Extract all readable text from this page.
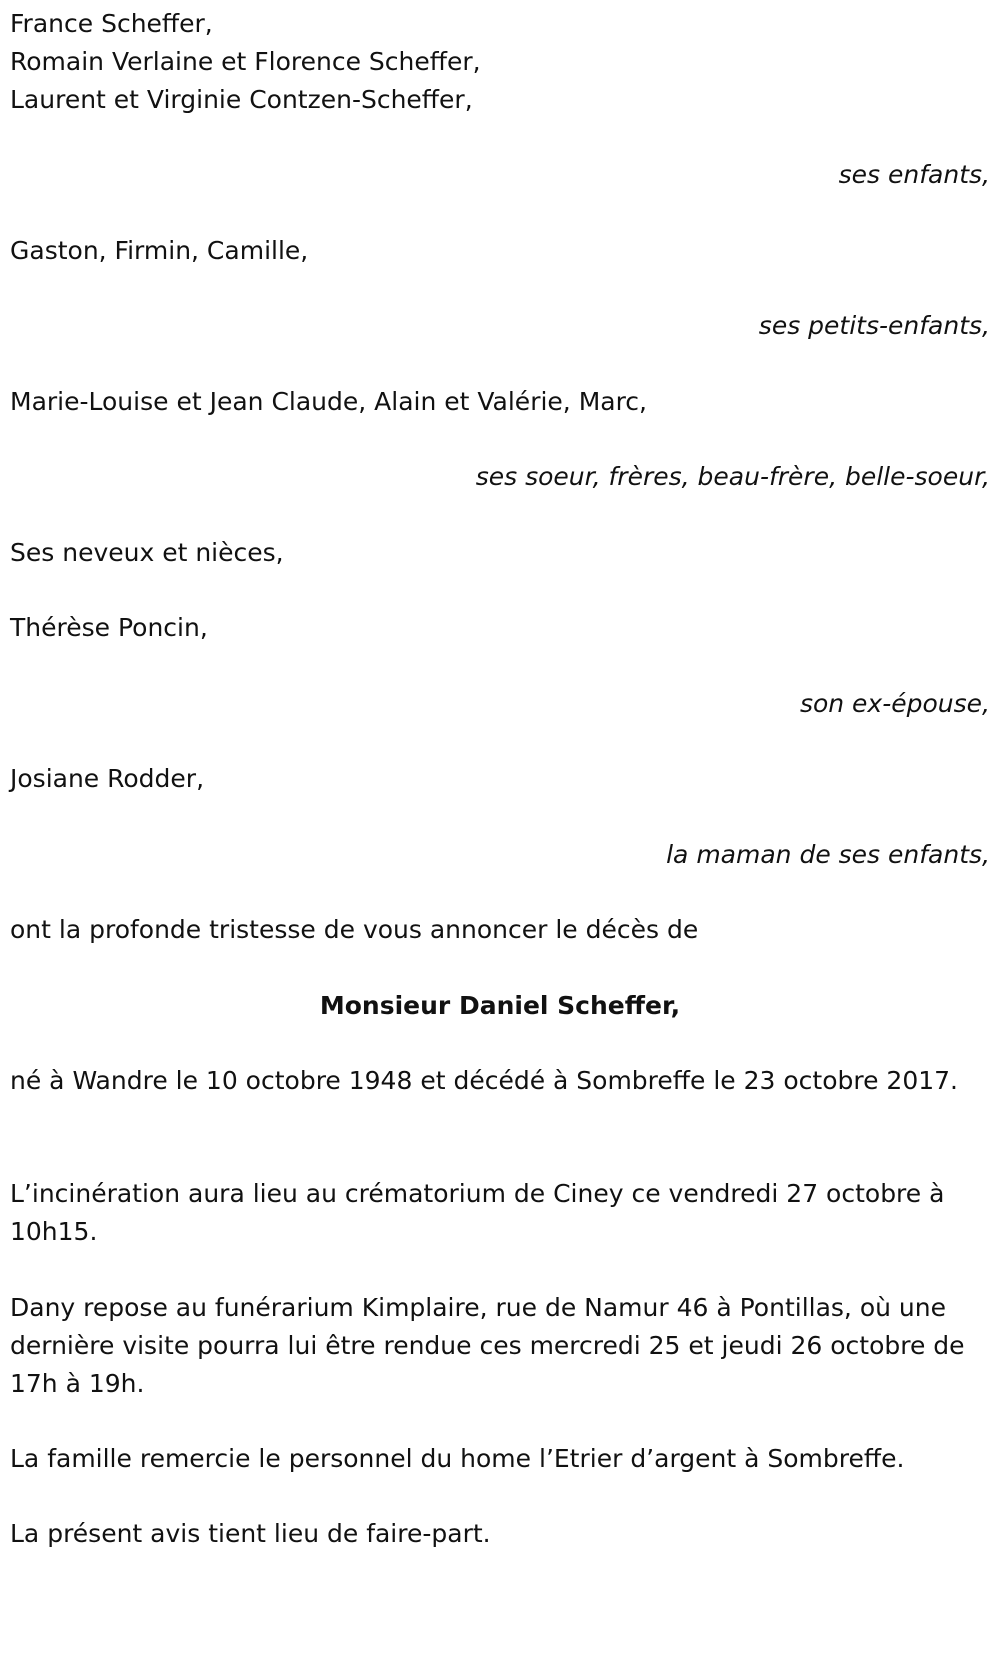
France Scheffer,
Romain Verlaine et Florence Scheffer,
Laurent et Virginie Contzen-Scheffer,
ses enfants,
Gaston, Firmin, Camille,
ses petits-enfants,
Marie-Louise et Jean Claude, Alain et Valérie, Marc,
ses soeur, frères, beau-frère, belle-soeur,
Ses neveux et nièces,
Thérèse Poncin,
son ex-épouse,
Josiane Rodder,
la maman de ses enfants,
ont la profonde tristesse de vous annoncer le décès de
Monsieur Daniel Scheffer,
né à Wandre le 10 octobre 1948 et décédé à Sombreffe le 23 octobre 2017.
L’incinération aura lieu au crématorium de Ciney ce vendredi 27 octobre à 10h15.
Dany repose au funérarium Kimplaire, rue de Namur 46 à Pontillas, où une dernière visite pourra lui être rendue ces mercredi 25 et jeudi 26 octobre de 17h à 19h.
La famille remercie le personnel du home l’Etrier d’argent à Sombreffe.
La présent avis tient lieu de faire-part.
